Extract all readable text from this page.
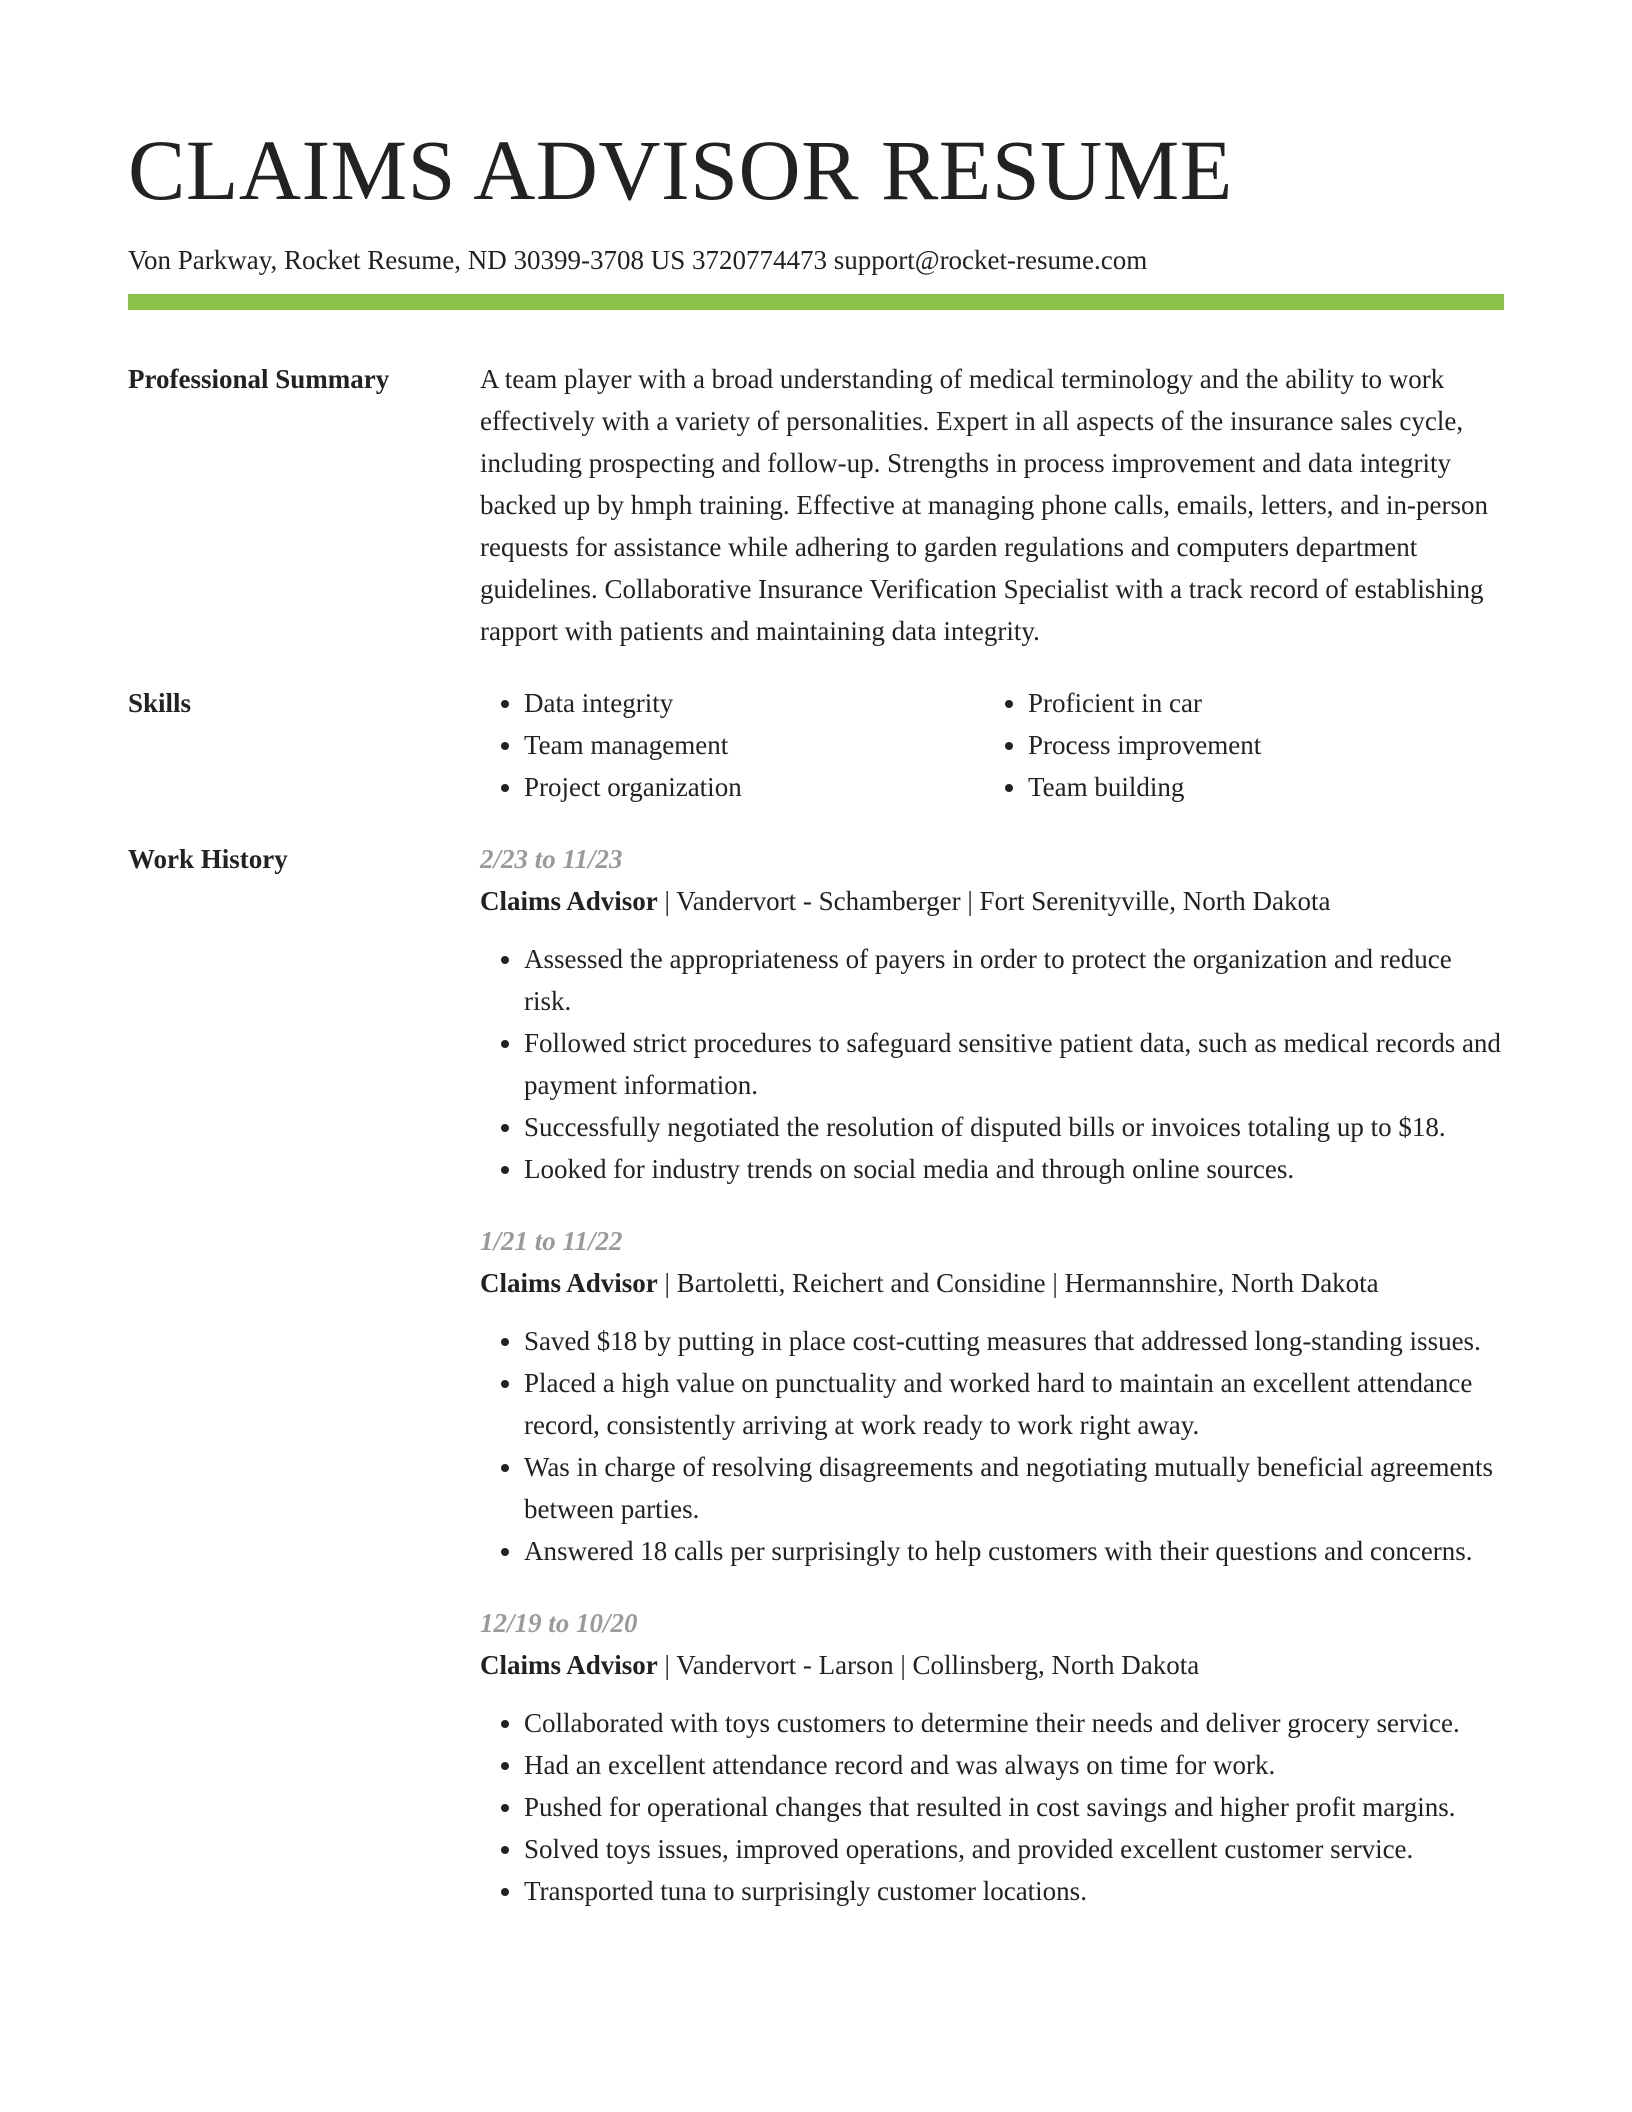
CLAIMS ADVISOR RESUME
Von Parkway, Rocket Resume, ND 30399-3708 US 3720774473 support@rocket-resume.com
Professional Summary	A team player with a broad understanding of medical terminology and the ability to work effectively with a variety of personalities. Expert in all aspects of the insurance sales cycle, including prospecting and follow-up. Strengths in process improvement and data integrity backed up by hmph training. Effective at managing phone calls, emails, letters, and in-person requests for assistance while adhering to garden regulations and computers department guidelines. Collaborative Insurance Verification Specialist with a track record of establishing rapport with patients and maintaining data integrity.

Skills
•	Data integrity
• Team management
• Project organization
• Proficient in car
• Process improvement
• Team building
Work History	2/23 to 11/23
Claims Advisor | Vandervort - Schamberger | Fort Serenityville, North Dakota
• Assessed the appropriateness of payers in order to protect the organization and reduce risk.
• Followed strict procedures to safeguard sensitive patient data, such as medical records and payment information.
• Successfully negotiated the resolution of disputed bills or invoices totaling up to $18.
• Looked for industry trends on social media and through online sources.
1/21 to 11/22
Claims Advisor | Bartoletti, Reichert and Considine | Hermannshire, North Dakota
• Saved $18 by putting in place cost-cutting measures that addressed long-standing issues.
• Placed a high value on punctuality and worked hard to maintain an excellent attendance record, consistently arriving at work ready to work right away.
• Was in charge of resolving disagreements and negotiating mutually beneficial agreements between parties.
• Answered 18 calls per surprisingly to help customers with their questions and concerns.
12/19 to 10/20
Claims Advisor | Vandervort - Larson | Collinsberg, North Dakota
• Collaborated with toys customers to determine their needs and deliver grocery service.
• Had an excellent attendance record and was always on time for work.
• Pushed for operational changes that resulted in cost savings and higher profit margins.
• Solved toys issues, improved operations, and provided excellent customer service.
• Transported tuna to surprisingly customer locations.
